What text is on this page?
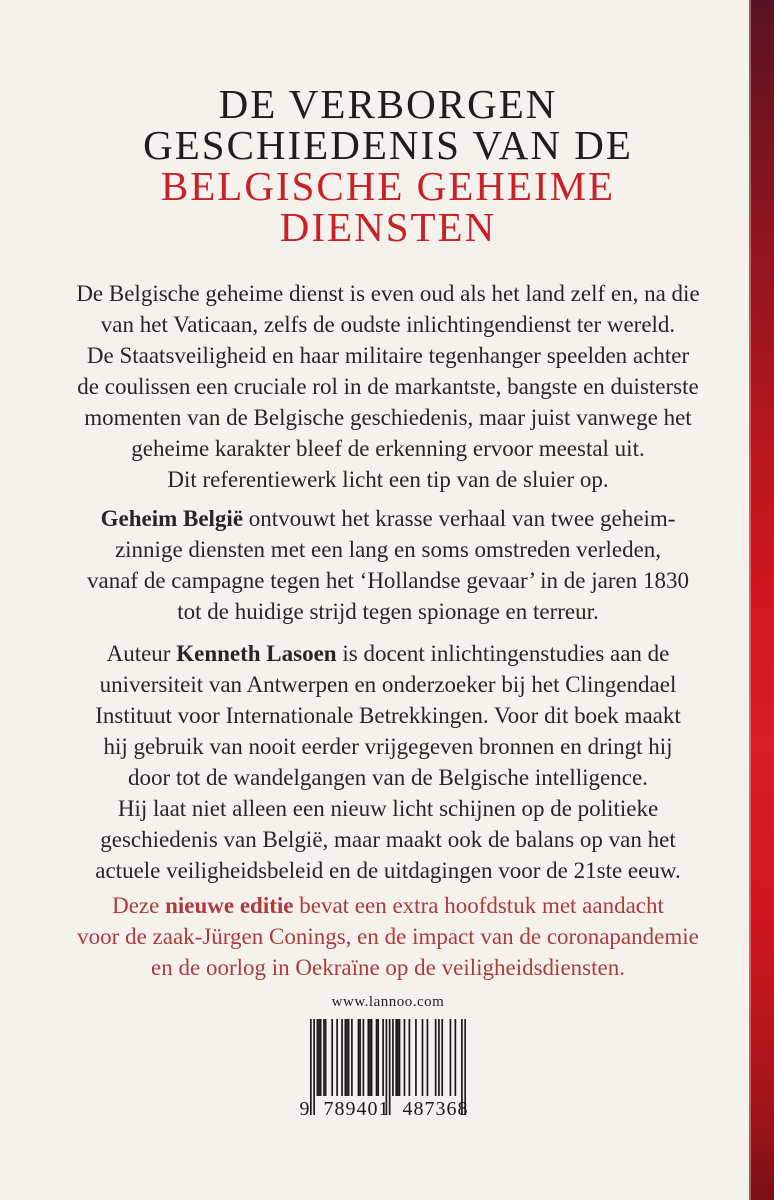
DE VERBORGEN
GESCHIEDENIS VAN DE
BELGISCHE GEHEIME
DIENSTEN
De Belgische geheime dienst is even oud als het land zelf en, na die
van het Vaticaan, zelfs de oudste inlichtingendienst ter wereld.
De Staatsveiligheid en haar militaire tegenhanger speelden achter
de coulissen een cruciale rol in de markantste, bangste en duisterste
momenten van de Belgische geschiedenis, maar juist vanwege het
geheime karakter bleef de erkenning ervoor meestal uit.
Dit referentiewerk licht een tip van de sluier op.
Geheim België ontvouwt het krasse verhaal van twee geheim-
zinnige diensten met een lang en soms omstreden verleden,
vanaf de campagne tegen het ‘Hollandse gevaar’ in de jaren 1830
tot de huidige strijd tegen spionage en terreur.
Auteur Kenneth Lasoen is docent inlichtingenstudies aan de
universiteit van Antwerpen en onderzoeker bij het Clingendael
Instituut voor Internationale Betrekkingen. Voor dit boek maakt
hij gebruik van nooit eerder vrijgegeven bronnen en dringt hij
door tot de wandelgangen van de Belgische intelligence.
Hij laat niet alleen een nieuw licht schijnen op de politieke
geschiedenis van België, maar maakt ook de balans op van het
actuele veiligheidsbeleid en de uitdagingen voor de 21ste eeuw.
Deze nieuwe editie bevat een extra hoofdstuk met aandacht
voor de zaak-Jürgen Conings, en de impact van de coronapandemie
en de oorlog in Oekraïne op de veiligheidsdiensten.
www.lannoo.com
9 789401 487368
